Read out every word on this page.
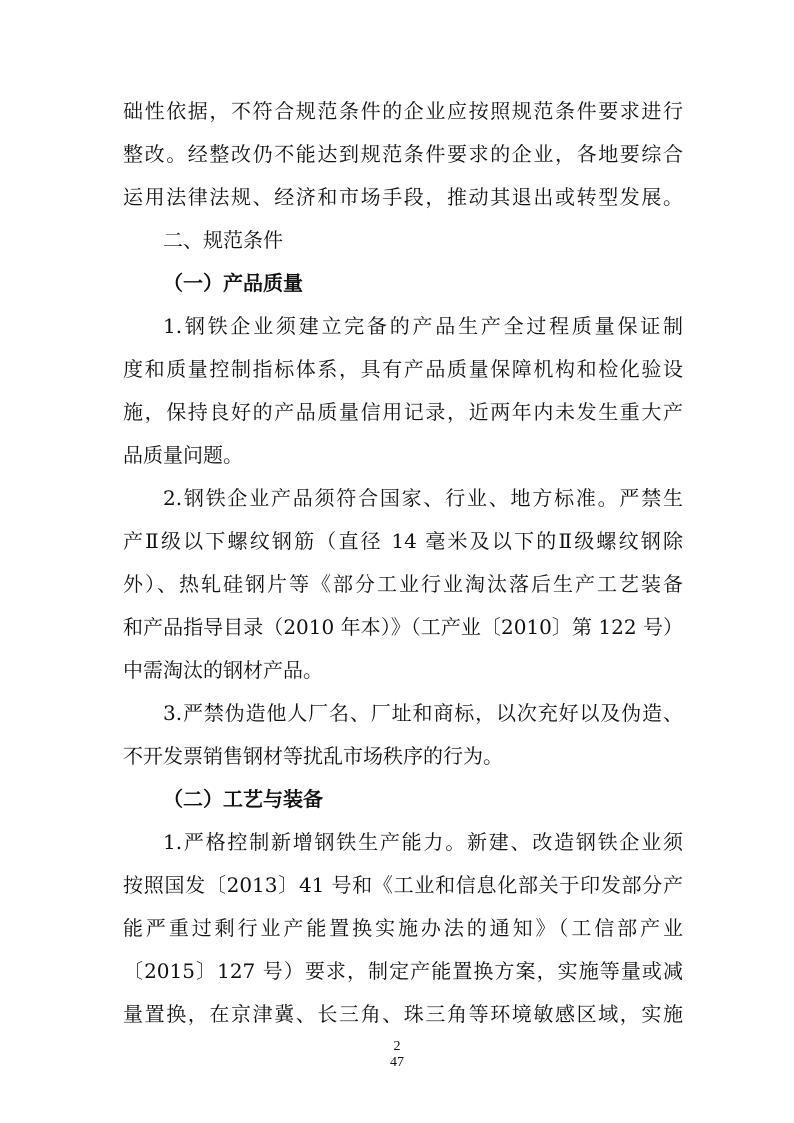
础性依据，不符合规范条件的企业应按照规范条件要求进行
整改。经整改仍不能达到规范条件要求的企业，各地要综合
运用法律法规、经济和市场手段，推动其退出或转型发展。
二、规范条件
（一）产品质量
1.钢铁企业须建立完备的产品生产全过程质量保证制
度和质量控制指标体系，具有产品质量保障机构和检化验设
施，保持良好的产品质量信用记录，近两年内未发生重大产
品质量问题。
2.钢铁企业产品须符合国家、行业、地方标准。严禁生
产Ⅱ级以下螺纹钢筋（直径 14 毫米及以下的Ⅱ级螺纹钢除
外）、热轧硅钢片等《部分工业行业淘汰落后生产工艺装备
和产品指导目录（2010 年本）》（工产业〔2010〕第 122 号）
中需淘汰的钢材产品。
3.严禁伪造他人厂名、厂址和商标，以次充好以及伪造、
不开发票销售钢材等扰乱市场秩序的行为。
（二）工艺与装备
1.严格控制新增钢铁生产能力。新建、改造钢铁企业须
按照国发〔2013〕41 号和《工业和信息化部关于印发部分产
能严重过剩行业产能置换实施办法的通知》（工信部产业
〔2015〕127 号）要求，制定产能置换方案，实施等量或减
量置换，在京津冀、长三角、珠三角等环境敏感区域，实施
2
47
